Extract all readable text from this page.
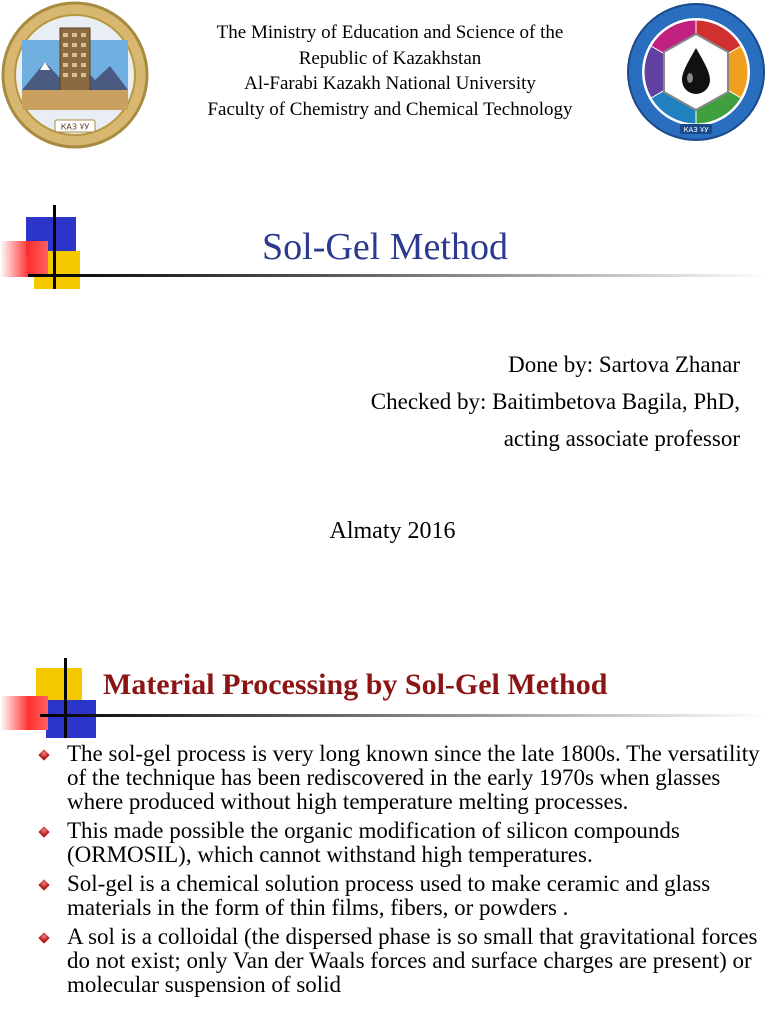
КАЗ ҰУ
The Ministry of Education and Science of the
Republic of Kazakhstan
Al-Farabi Kazakh National University
Faculty of Chemistry and Chemical Technology
КАЗ ҰУ
Sol-Gel Method
Done by: Sartova Zhanar
Checked by: Baitimbetova Bagila, PhD,
acting associate professor
Almaty 2016
Material Processing by Sol-Gel Method
The sol-gel process is very long known since the late 1800s. The versatility of the technique has been rediscovered in the early 1970s when glasses where produced without high temperature melting processes.
This made possible the organic modification of silicon compounds (ORMOSIL), which cannot withstand high temperatures.
Sol-gel is a chemical solution process used to make ceramic and glass materials in the form of thin films, fibers, or powders .
A sol is a colloidal (the dispersed phase is so small that gravitational forces do not exist; only Van der Waals forces and surface charges are present) or molecular suspension of solid
